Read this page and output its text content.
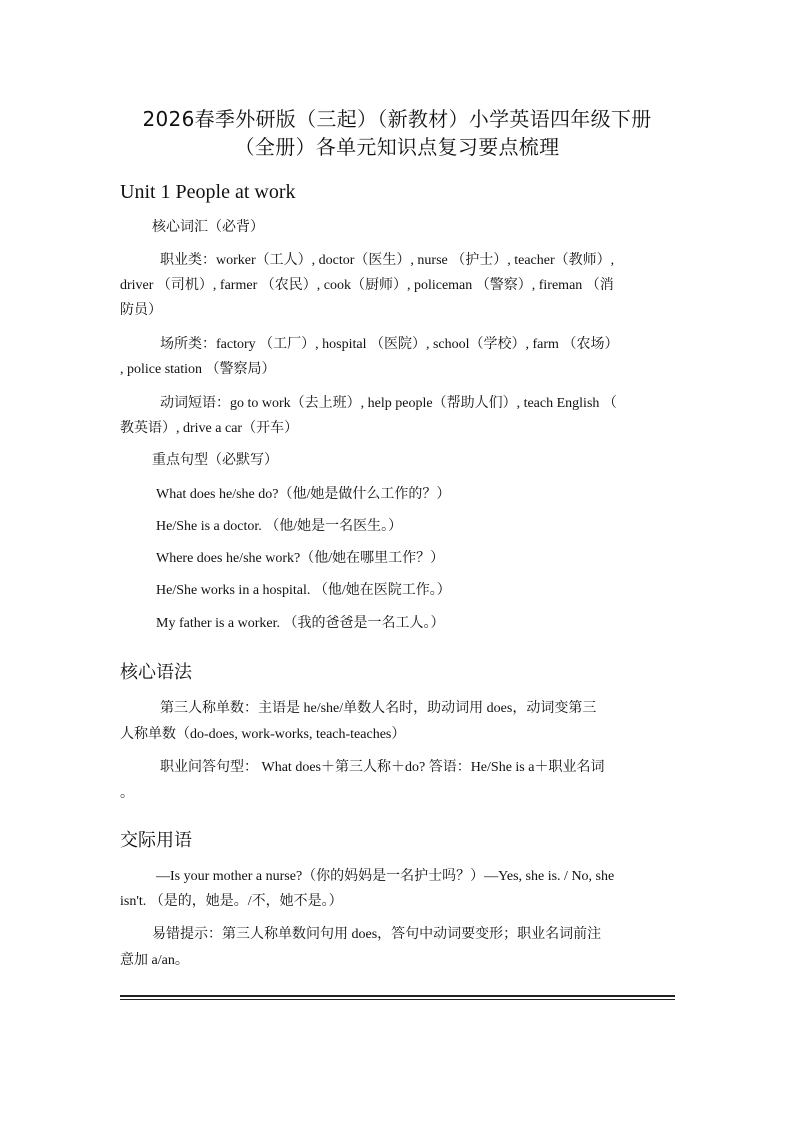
2026春季外研版（三起）（新教材）小学英语四年级下册
（全册）各单元知识点复习要点梳理
Unit 1 People at work
核心词汇（必背）
职业类：worker（工人）, doctor（医生）, nurse （护士）, teacher（教师）,
driver （司机）, farmer （农民）, cook（厨师）, policeman （警察）, fireman （消
防员）
场所类：factory （工厂）, hospital （医院）, school（学校）, farm （农场）
, police station （警察局）
动词短语：go to work（去上班）, help people（帮助人们）, teach English （
教英语）, drive a car（开车）
重点句型（必默写）
What does he/she do?（他/她是做什么工作的？）
He/She is a doctor. （他/她是一名医生。）
Where does he/she work?（他/她在哪里工作？）
He/She works in a hospital. （他/她在医院工作。）
My father is a worker. （我的爸爸是一名工人。）
核心语法
第三人称单数：主语是 he/she/单数人名时，助动词用 does，动词变第三
人称单数（do-does, work-works, teach-teaches）
职业问答句型： What does＋第三人称＋do? 答语：He/She is a＋职业名词
。
交际用语
—Is your mother a nurse?（你的妈妈是一名护士吗？）—Yes, she is. / No, she
isn't. （是的，她是。/不，她不是。）
易错提示：第三人称单数问句用 does，答句中动词要变形；职业名词前注
意加 a/an。
